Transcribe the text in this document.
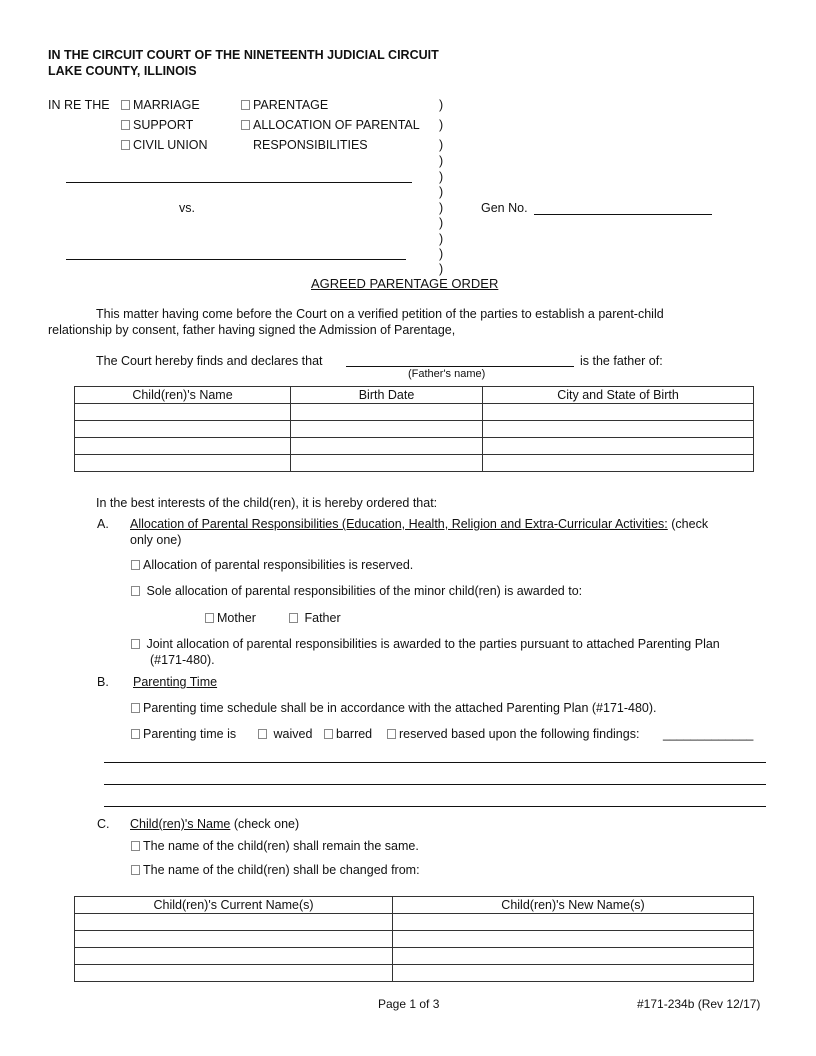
IN THE CIRCUIT COURT OF THE NINETEENTH JUDICIAL CIRCUIT
LAKE COUNTY, ILLINOIS
IN RE THE	MARRIAGE
SUPPORT
CIVIL UNION
PARENTAGE
ALLOCATION OF PARENTAL
RESPONSIBILITIES
)
)
)
)
)
)
)
)
)
)
)
vs.	Gen No.
AGREED PARENTAGE ORDER
This matter having come before the Court on a verified petition of the parties to establish a parent-child
relationship by consent, father having signed the Admission of Parentage,
The Court hereby finds and declares that	is the father of:
(Father's name)
Child(ren)'s Name	Birth Date	City and State of Birth

In the best interests of the child(ren), it is hereby ordered that:
A. Allocation of Parental Responsibilities (Education, Health, Religion and Extra-Curricular Activities: (check
only one)
Allocation of parental responsibilities is reserved.
Sole allocation of parental responsibilities of the minor child(ren) is awarded to:
Mother	Father
Joint allocation of parental responsibilities is awarded to the parties pursuant to attached Parenting Plan
(#171-480).
B. Parenting Time
Parenting time schedule shall be in accordance with the attached Parenting Plan (#171-480).
Parenting time is	waived	barred	reserved based upon the following findings: _____________
C. Child(ren)'s Name (check one)
The name of the child(ren) shall remain the same.
The name of the child(ren) shall be changed from:
Child(ren)'s Current Name(s)	Child(ren)'s New Name(s)

Page 1 of 3	#171-234b (Rev 12/17)
